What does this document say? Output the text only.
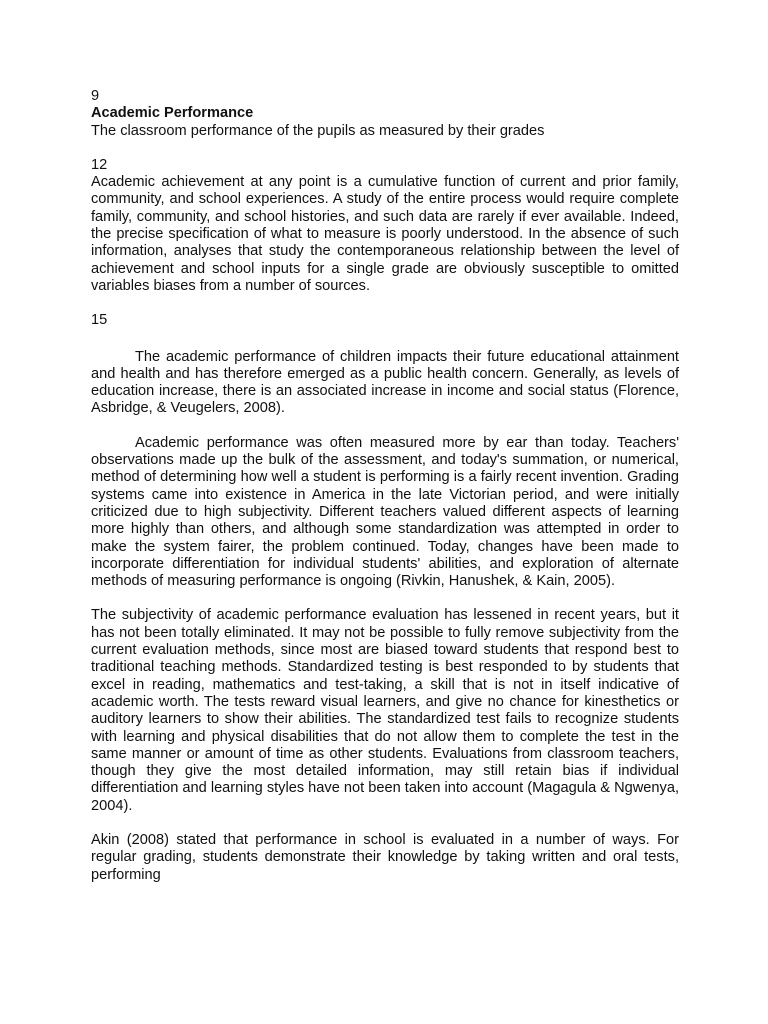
9

Academic Performance

The classroom performance of the pupils as measured by their grades

12

Academic achievement at any point is a cumulative function of current and prior family, community, and school experiences. A study of the entire process would require complete family, community, and school histories, and such data are rarely if ever available. Indeed, the precise specification of what to measure is poorly understood. In the absence of such information, analyses that study the contemporaneous relationship between the level of achievement and school inputs for a single grade are obviously susceptible to omitted variables biases from a number of sources.

15

The academic performance of children impacts their future educational attainment and health and has therefore emerged as a public health concern. Generally, as levels of education increase, there is an associated increase in income and social status (Florence, Asbridge, & Veugelers, 2008).

Academic performance was often measured more by ear than today. Teachers' observations made up the bulk of the assessment, and today's summation, or numerical, method of determining how well a student is performing is a fairly recent invention. Grading systems came into existence in America in the late Victorian period, and were initially criticized due to high subjectivity. Different teachers valued different aspects of learning more highly than others, and although some standardization was attempted in order to make the system fairer, the problem continued. Today, changes have been made to incorporate differentiation for individual students' abilities, and exploration of alternate methods of measuring performance is ongoing (Rivkin, Hanushek, & Kain, 2005).

The subjectivity of academic performance evaluation has lessened in recent years, but it has not been totally eliminated. It may not be possible to fully remove subjectivity from the current evaluation methods, since most are biased toward students that respond best to traditional teaching methods. Standardized testing is best responded to by students that excel in reading, mathematics and test-taking, a skill that is not in itself indicative of academic worth. The tests reward visual learners, and give no chance for kinesthetics or auditory learners to show their abilities. The standardized test fails to recognize students with learning and physical disabilities that do not allow them to complete the test in the same manner or amount of time as other students. Evaluations from classroom teachers, though they give the most detailed information, may still retain bias if individual differentiation and learning styles have not been taken into account (Magagula & Ngwenya, 2004).

Akin (2008) stated that performance in school is evaluated in a number of ways. For regular grading, students demonstrate their knowledge by taking written and oral tests, performing
